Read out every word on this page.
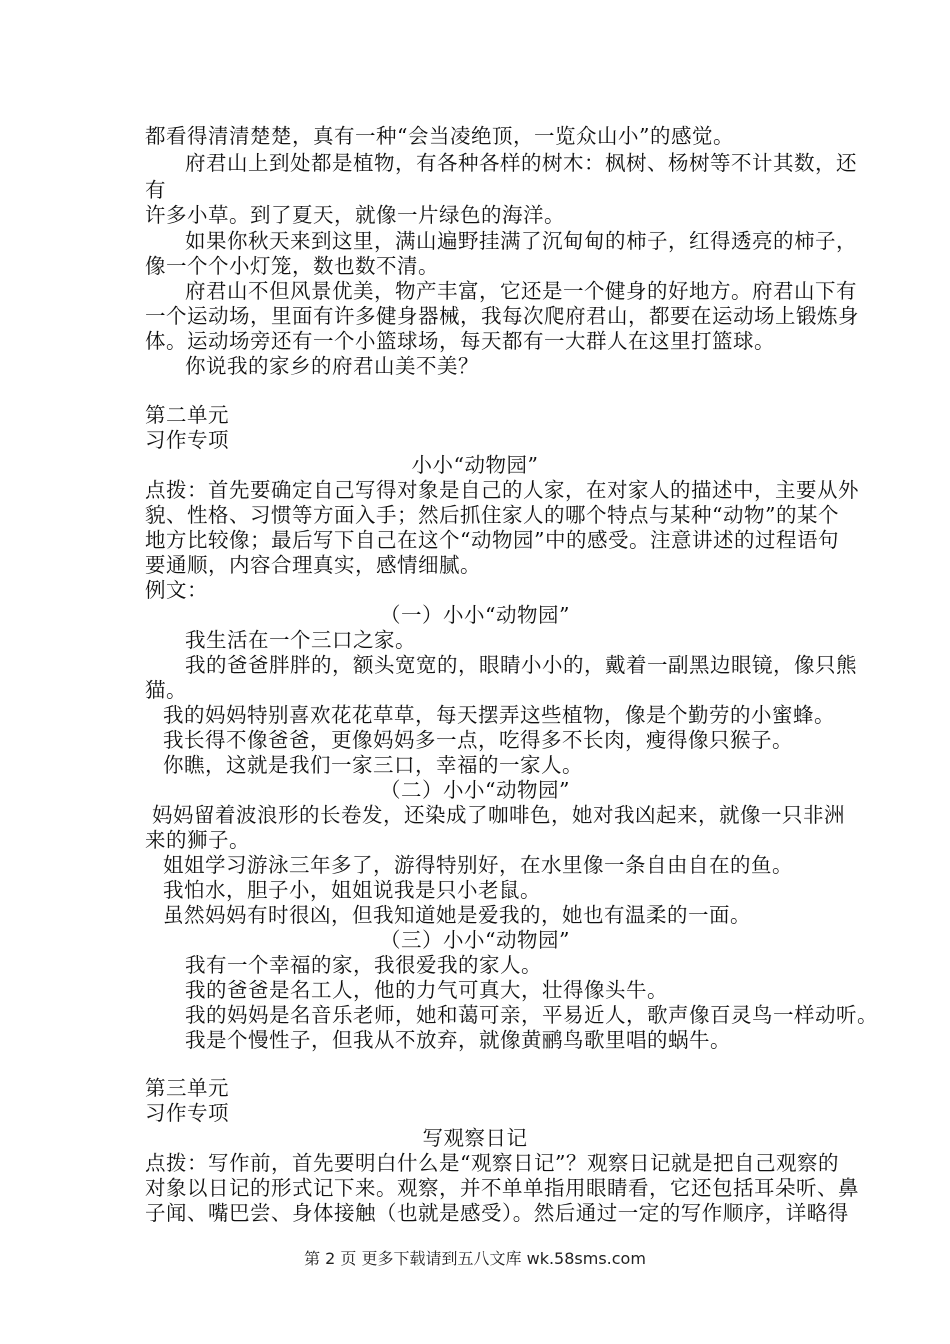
都看得清清楚楚，真有一种“会当凌绝顶，一览众山小”的感觉。
府君山上到处都是植物，有各种各样的树木：枫树、杨树等不计其数，还
有
许多小草。到了夏天，就像一片绿色的海洋。
如果你秋天来到这里，满山遍野挂满了沉甸甸的柿子，红得透亮的柿子，
像一个个小灯笼，数也数不清。
府君山不但风景优美，物产丰富，它还是一个健身的好地方。府君山下有
一个运动场，里面有许多健身器械，我每次爬府君山，都要在运动场上锻炼身
体。运动场旁还有一个小篮球场，每天都有一大群人在这里打篮球。
你说我的家乡的府君山美不美？
第二单元
习作专项
小小“动物园”
点拨：首先要确定自己写得对象是自己的人家，在对家人的描述中，主要从外
貌、性格、习惯等方面入手；然后抓住家人的哪个特点与某种“动物”的某个
地方比较像；最后写下自己在这个“动物园”中的感受。注意讲述的过程语句
要通顺，内容合理真实，感情细腻。
例文：
（一）小小“动物园”
我生活在一个三口之家。
我的爸爸胖胖的，额头宽宽的，眼睛小小的，戴着一副黑边眼镜，像只熊
猫。
我的妈妈特别喜欢花花草草，每天摆弄这些植物，像是个勤劳的小蜜蜂。
我长得不像爸爸，更像妈妈多一点，吃得多不长肉，瘦得像只猴子。
你瞧，这就是我们一家三口，幸福的一家人。
（二）小小“动物园”
妈妈留着波浪形的长卷发，还染成了咖啡色，她对我凶起来，就像一只非洲
来的狮子。
姐姐学习游泳三年多了，游得特别好，在水里像一条自由自在的鱼。
我怕水，胆子小，姐姐说我是只小老鼠。
虽然妈妈有时很凶，但我知道她是爱我的，她也有温柔的一面。
（三）小小“动物园”
我有一个幸福的家，我很爱我的家人。
我的爸爸是名工人，他的力气可真大，壮得像头牛。
我的妈妈是名音乐老师，她和蔼可亲，平易近人，歌声像百灵鸟一样动听。
我是个慢性子，但我从不放弃，就像黄鹂鸟歌里唱的蜗牛。
第三单元
习作专项
写观察日记
点拨：写作前，首先要明白什么是“观察日记”？观察日记就是把自己观察的
对象以日记的形式记下来。观察，并不单单指用眼睛看，它还包括耳朵听、鼻
子闻、嘴巴尝、身体接触（也就是感受）。然后通过一定的写作顺序，详略得
第 2 页 更多下载请到五八文库 wk.58sms.com
